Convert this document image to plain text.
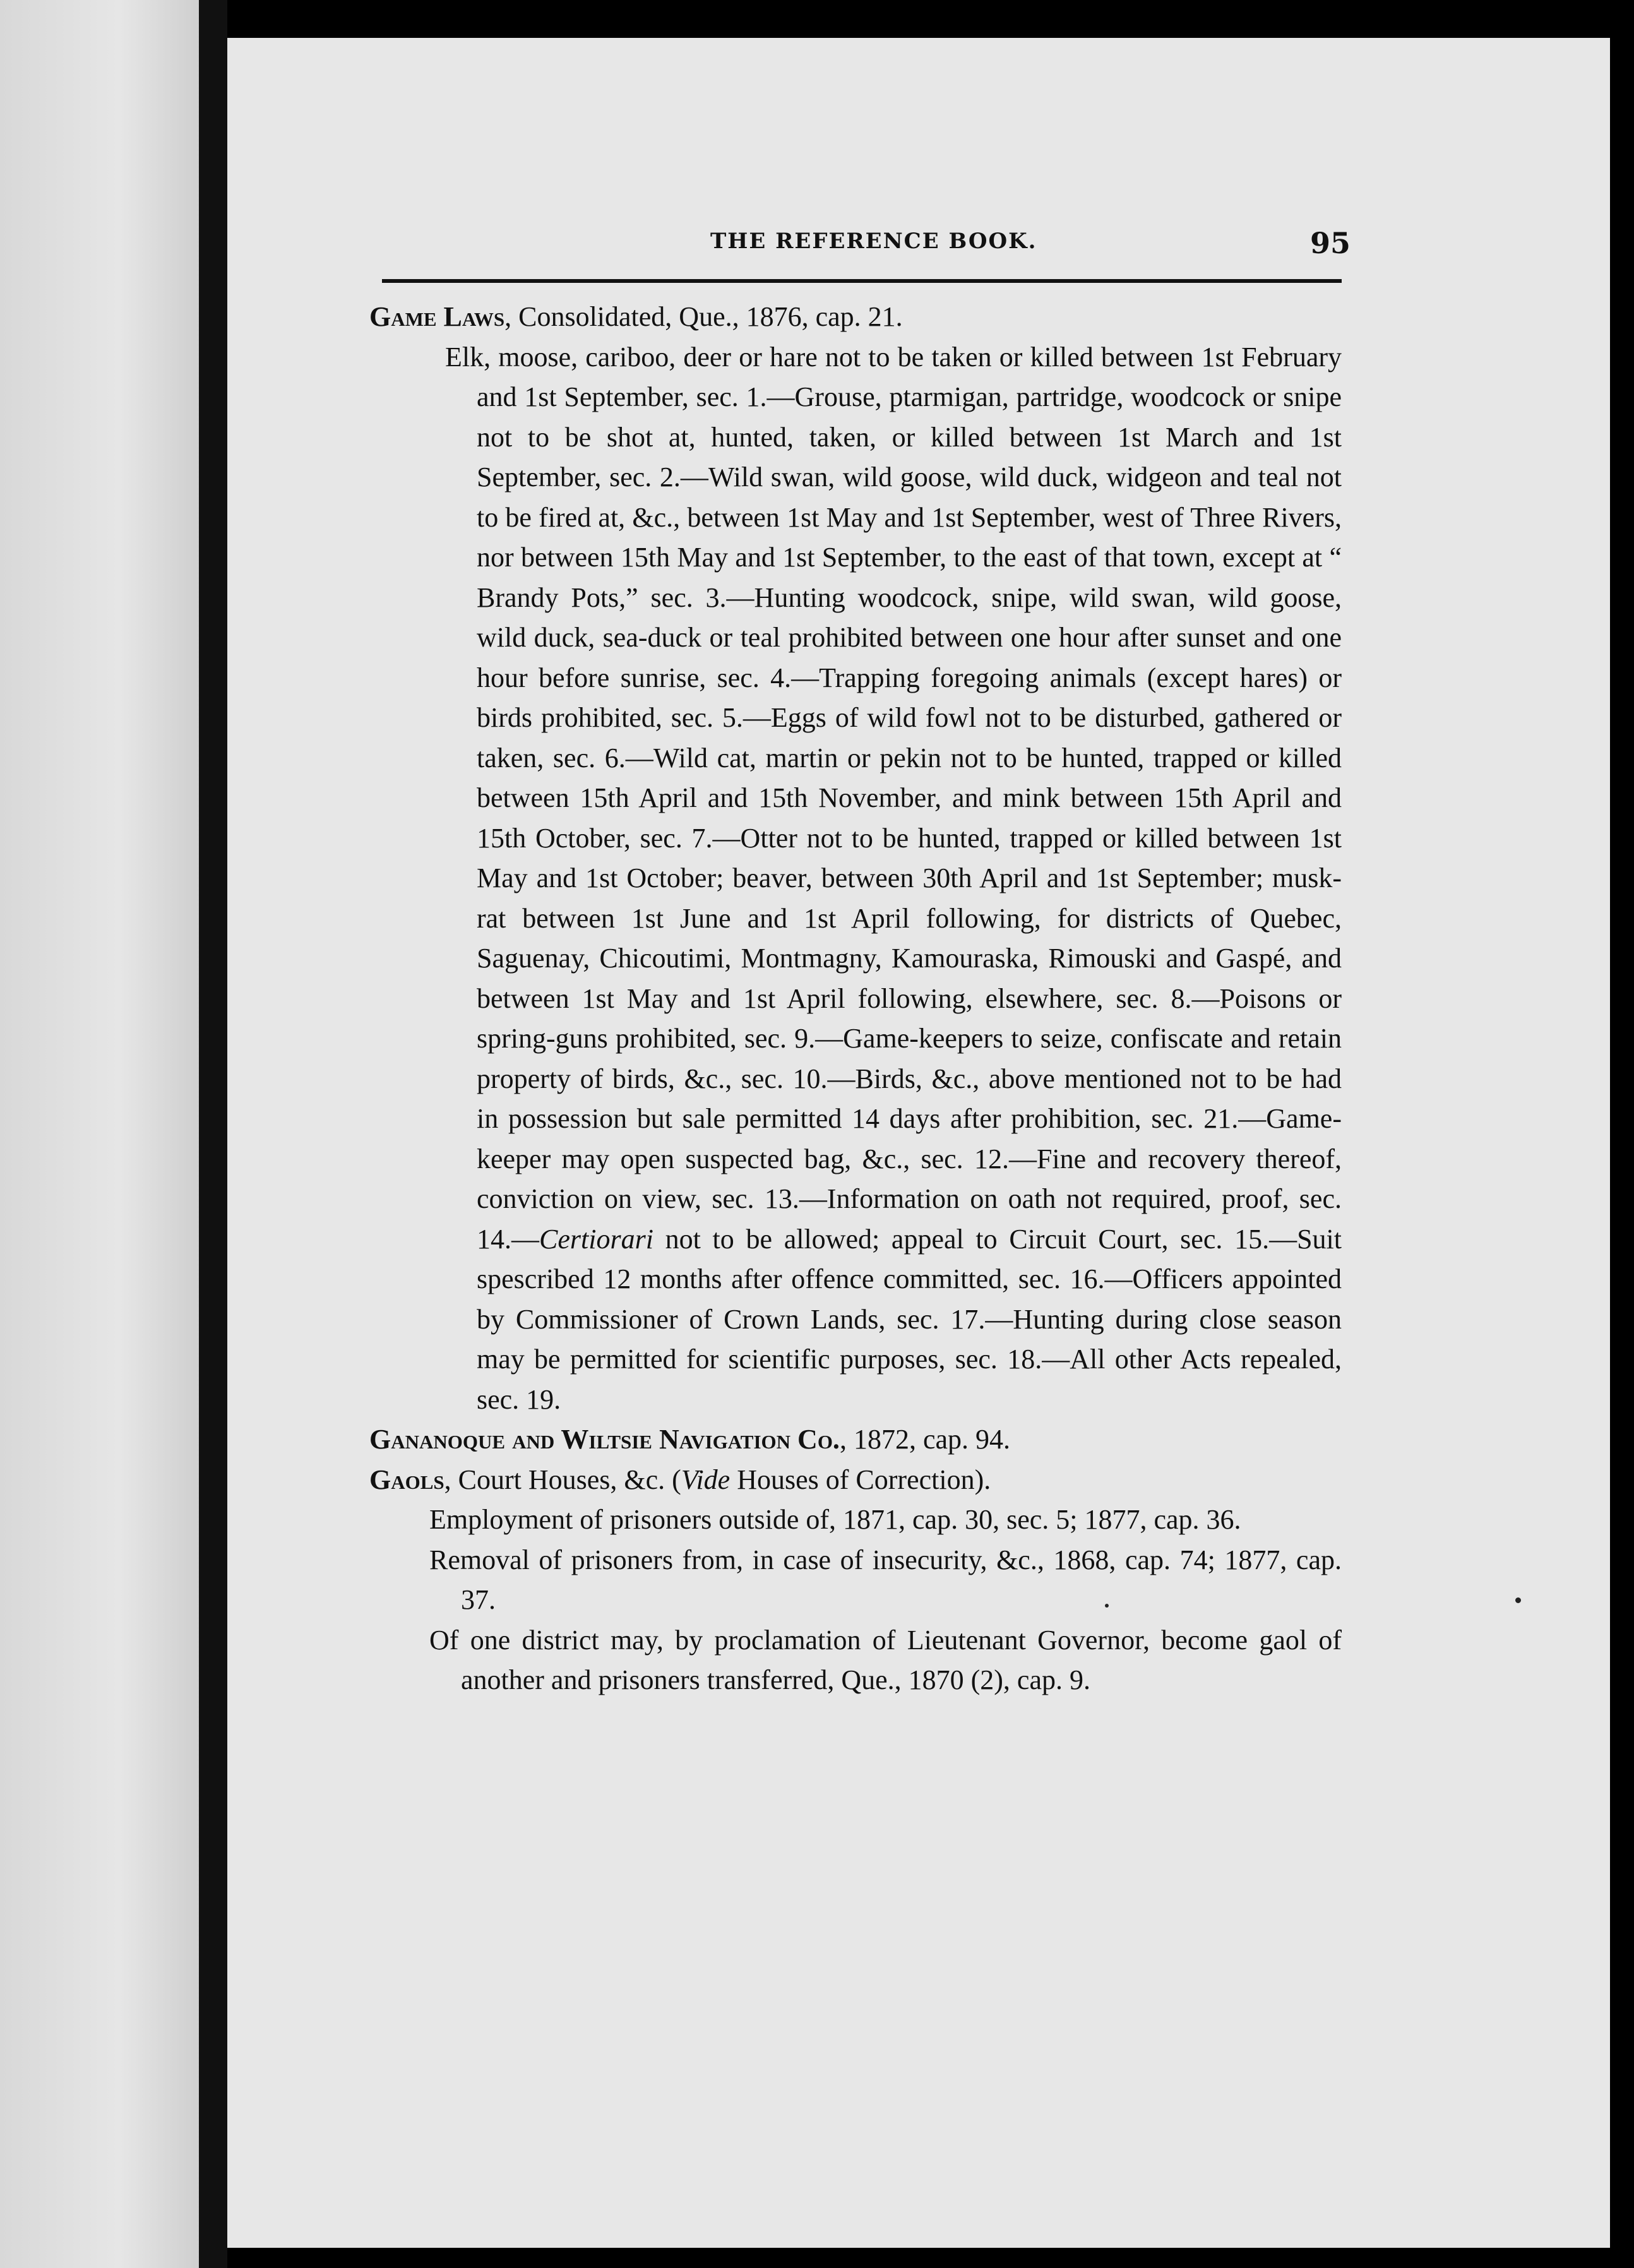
THE REFERENCE BOOK.	95

Game Laws, Consolidated, Que., 1876, cap. 21.

Elk, moose, cariboo, deer or hare not to be taken or killed between 1st February and 1st September, sec. 1.—Grouse, ptarmigan, partridge, woodcock or snipe not to be shot at, hunted, taken, or killed between 1st March and 1st September, sec. 2.—Wild swan, wild goose, wild duck, widgeon and teal not to be fired at, &c., between 1st May and 1st September, west of Three Rivers, nor between 15th May and 1st September, to the east of that town, except at “ Brandy Pots,” sec. 3.—Hunting woodcock, snipe, wild swan, wild goose, wild duck, sea-duck or teal prohibited between one hour after sunset and one hour before sunrise, sec. 4.—Trapping foregoing animals (except hares) or birds prohibited, sec. 5.—Eggs of wild fowl not to be disturbed, gathered or taken, sec. 6.—Wild cat, martin or pekin not to be hunted, trapped or killed between 15th April and 15th November, and mink between 15th April and 15th October, sec. 7.—Otter not to be hunted, trapped or killed between 1st May and 1st October; beaver, between 30th April and 1st September; musk-rat between 1st June and 1st April following, for districts of Quebec, Saguenay, Chicoutimi, Montmagny, Kamouraska, Rimouski and Gaspé, and between 1st May and 1st April following, elsewhere, sec. 8.—Poisons or spring-guns prohibited, sec. 9.—Game-keepers to seize, confiscate and retain property of birds, &c., sec. 10.—Birds, &c., above mentioned not to be had in possession but sale permitted 14 days after prohibition, sec. 21.—Game-keeper may open suspected bag, &c., sec. 12.—Fine and recovery thereof, conviction on view, sec. 13.—Information on oath not required, proof, sec. 14.—Certiorari not to be allowed; appeal to Circuit Court, sec. 15.—Suit spescribed 12 months after offence committed, sec. 16.—Officers appointed by Commissioner of Crown Lands, sec. 17.—Hunting during close season may be permitted for scientific purposes, sec. 18.—All other Acts repealed, sec. 19.

Gananoque and Wiltsie Navigation Co., 1872, cap. 94.

Gaols, Court Houses, &c. (Vide Houses of Correction).

Employment of prisoners outside of, 1871, cap. 30, sec. 5; 1877, cap. 36.

Removal of prisoners from, in case of insecurity, &c., 1868, cap. 74; 1877, cap. 37.

Of one district may, by proclamation of Lieutenant Governor, become gaol of another and prisoners transferred, Que., 1870 (2), cap. 9.
